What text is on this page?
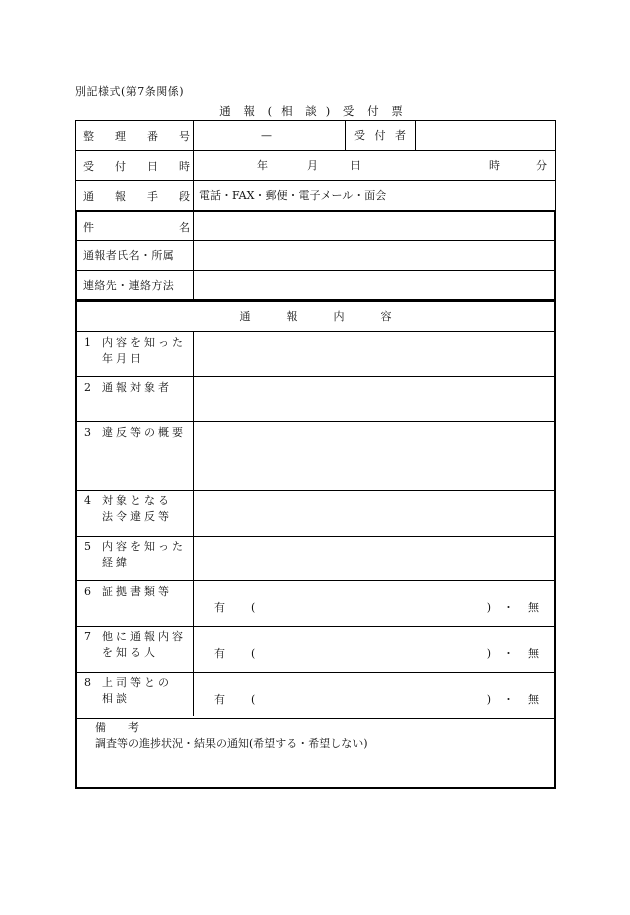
別記様式(第7条関係)
通 報 (相 談) 受 付 票
整 理 番 号	—	受 付 者
受 付 日 時	年	月	日	時	分
通 報 手 段 電話・FAX・郵便・電子メール・面会
件	名
通報者氏名・所属
連絡先・連絡方法
通	報	内	容
1 内容を知った
年月日
2 通報対象者
3 違反等の概要
4 対象となる
法令違反等
5 内容を知った
経緯
6 証拠書類等
有 (	) ・ 無
7 他に通報内容
を知る人	有 (	) ・ 無
8 上司等との
相談	有 (	) ・ 無
備　　考
調査等の進捗状況・結果の通知(希望する・希望しない)
